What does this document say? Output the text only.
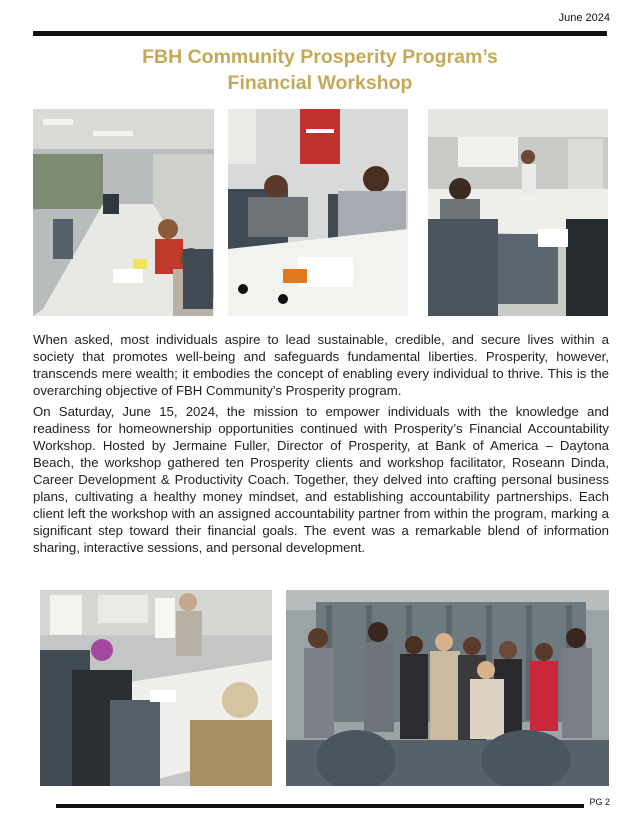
June 2024
FBH Community Prosperity Program’s
Financial Workshop

When asked, most individuals aspire to lead sustainable, credible, and secure lives within a society that promotes well-being and safeguards fundamental liberties. Prosperity, however, transcends mere wealth; it embodies the concept of enabling every individual to thrive. This is the overarching objective of FBH Community’s Prosperity program.

On Saturday, June 15, 2024, the mission to empower individuals with the knowledge and readiness for homeownership opportunities continued with Prosperity’s Financial Accountability Workshop. Hosted by Jermaine Fuller, Director of Prosperity, at Bank of America – Daytona Beach, the workshop gathered ten Prosperity clients and workshop facilitator, Roseann Dinda, Career Development & Productivity Coach. Together, they delved into crafting personal business plans, cultivating a healthy money mindset, and establishing accountability partnerships. Each client left the workshop with an assigned accountability partner from within the program, marking a significant step toward their financial goals. The event was a remarkable blend of information sharing, interactive sessions, and personal development.

PG 2
